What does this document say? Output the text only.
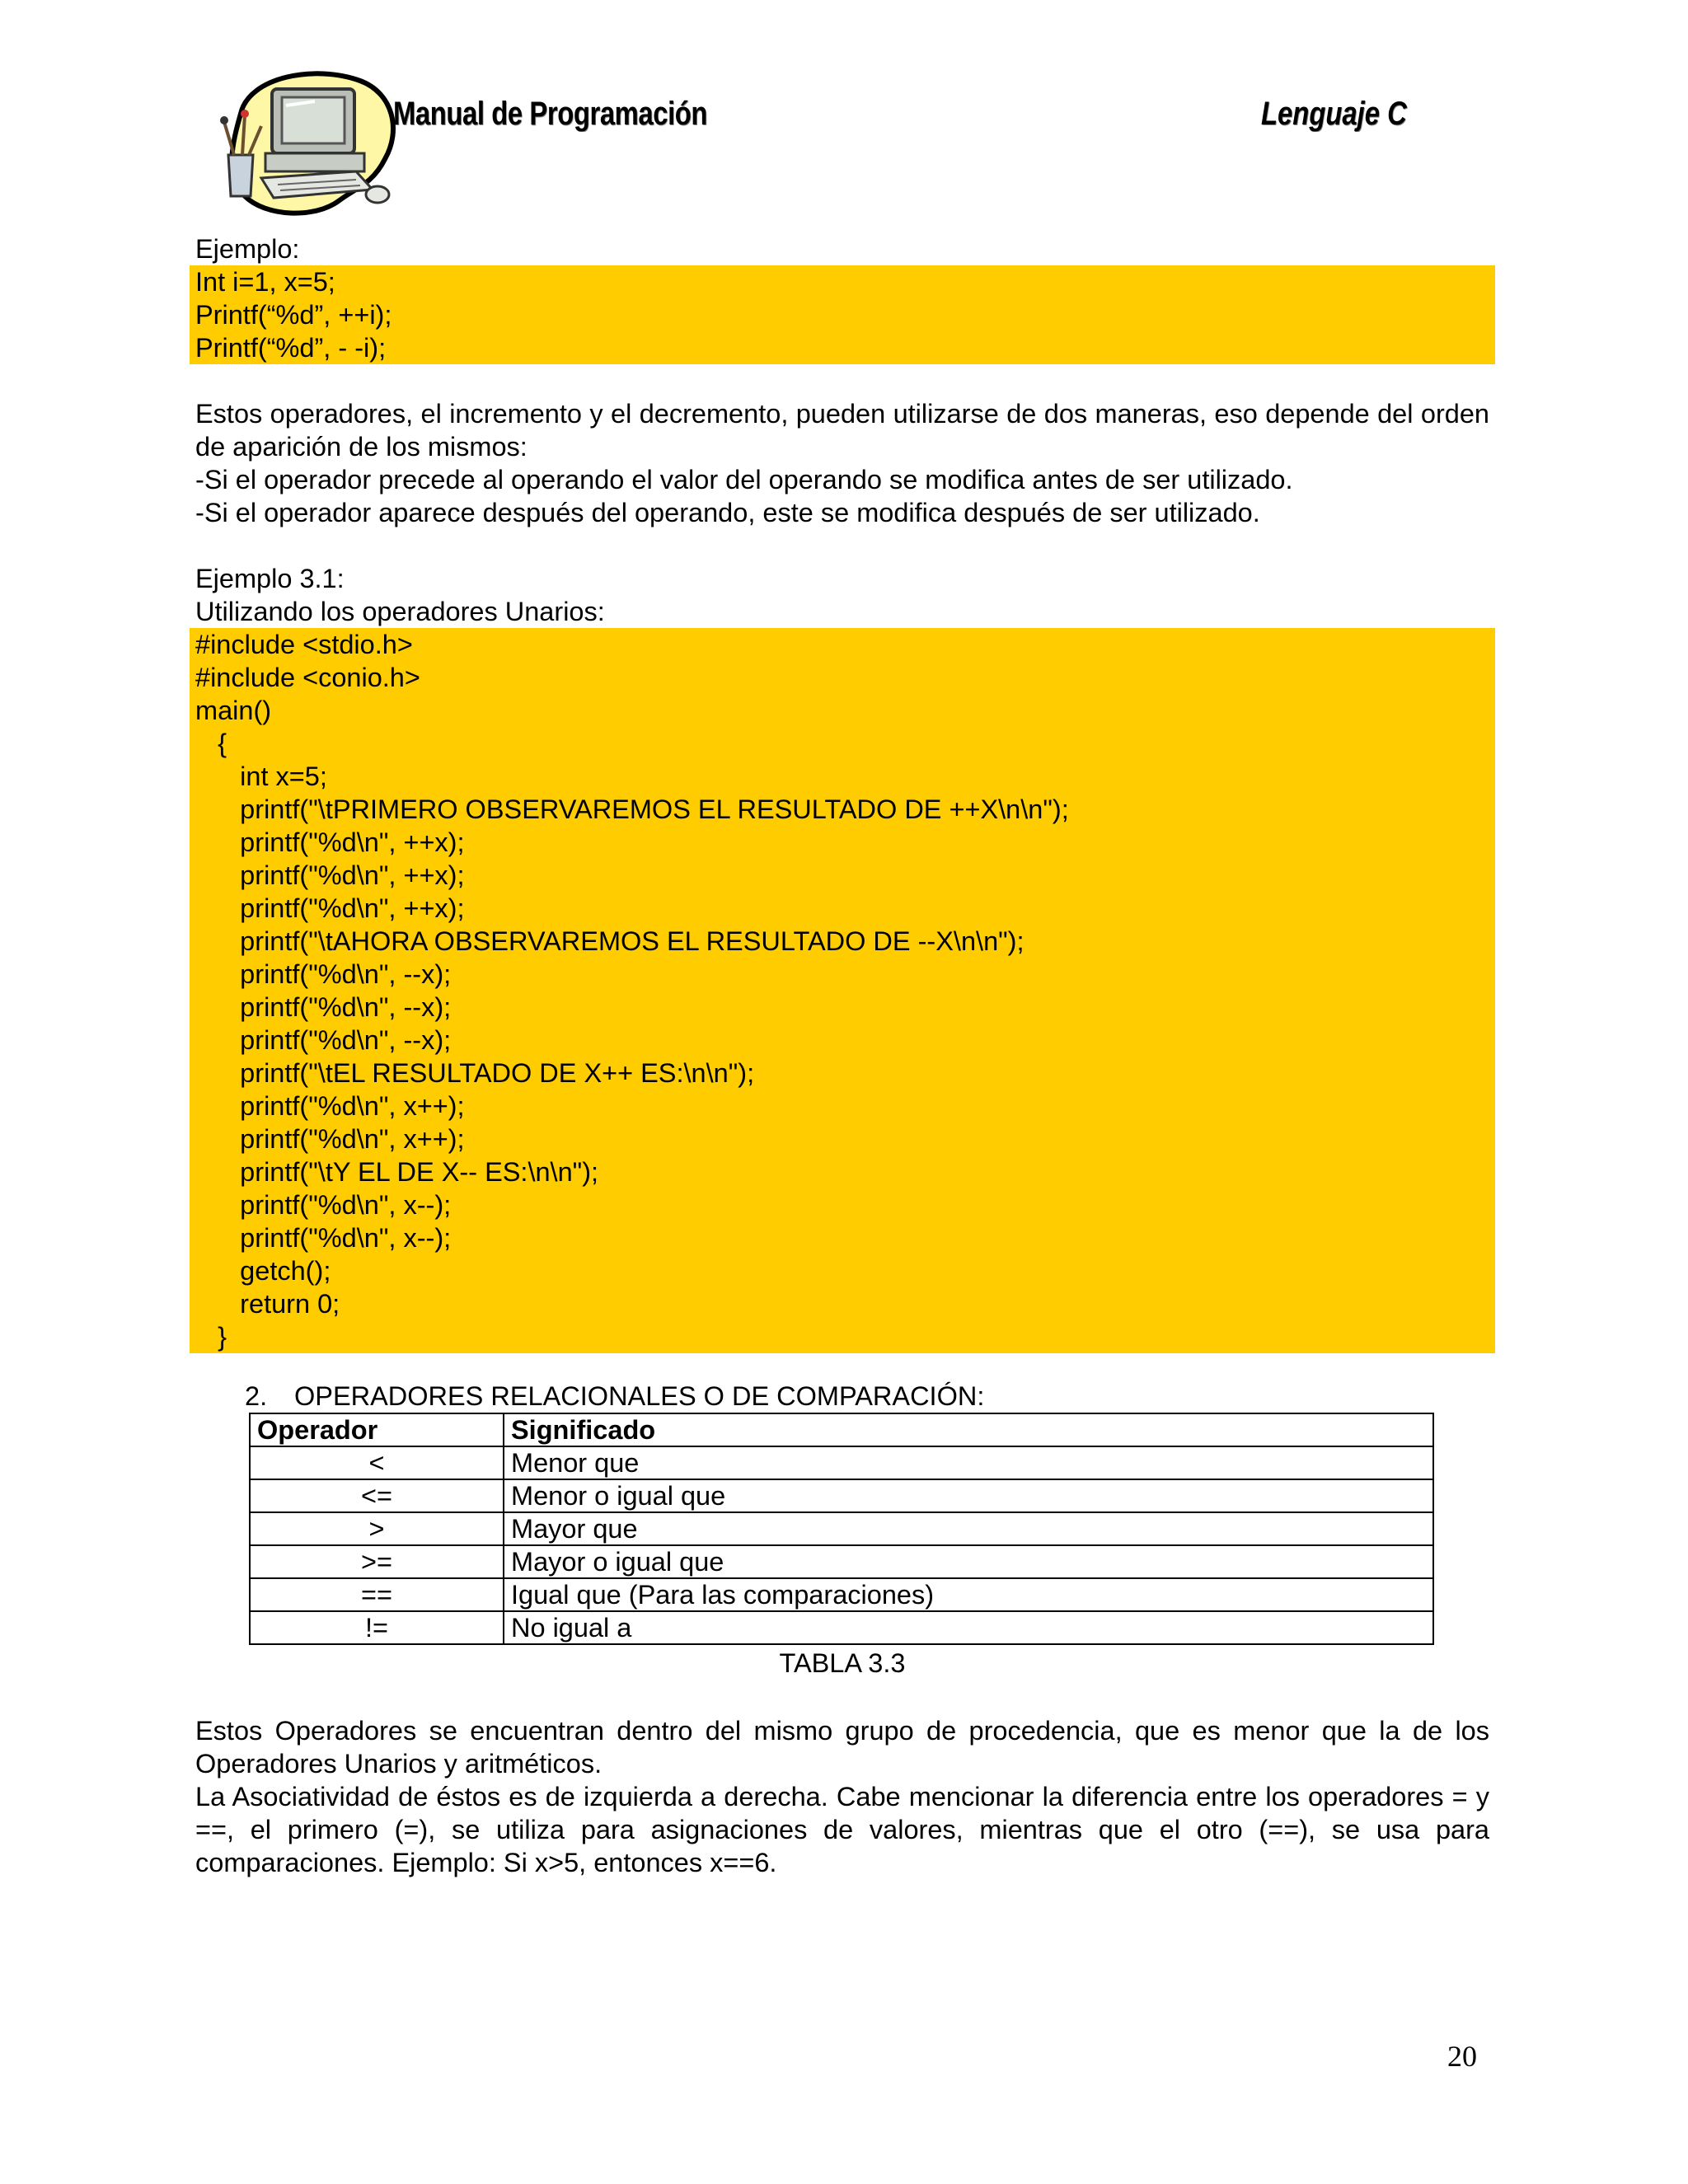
Manual de Programación	Lenguaje C
Ejemplo:
Int i=1, x=5;
Printf(“%d”, ++i);
Printf(“%d”, - -i);
Estos operadores, el incremento y el decremento, pueden utilizarse de dos maneras, eso depende del orden de aparición de los mismos:
-Si el operador precede al operando el valor del operando se modifica antes de ser utilizado.
-Si el operador aparece después del operando, este se modifica después de ser utilizado.
Ejemplo 3.1:
Utilizando los operadores Unarios:
#include <stdio.h>
#include <conio.h>
main()
{
int x=5;
printf("\tPRIMERO OBSERVAREMOS EL RESULTADO DE ++X\n\n");
printf("%d\n", ++x);
printf("%d\n", ++x);
printf("%d\n", ++x);
printf("\tAHORA OBSERVAREMOS EL RESULTADO DE --X\n\n");
printf("%d\n", --x);
printf("%d\n", --x);
printf("%d\n", --x);
printf("\tEL RESULTADO DE X++ ES:\n\n");
printf("%d\n", x++);
printf("%d\n", x++);
printf("\tY EL DE X-- ES:\n\n");
printf("%d\n", x--);
printf("%d\n", x--);
getch();
return 0;
}
2. OPERADORES RELACIONALES O DE COMPARACIÓN:
Operador	Significado
<	Menor que
<=	Menor o igual que
>	Mayor que
>=	Mayor o igual que
==	Igual que (Para las comparaciones)
!=	No igual a
TABLA 3.3
Estos Operadores se encuentran dentro del mismo grupo de procedencia, que es menor que la de los Operadores Unarios y aritméticos.
La Asociatividad de éstos es de izquierda a derecha. Cabe mencionar la diferencia entre los operadores = y ==, el primero (=), se utiliza para asignaciones de valores, mientras que el otro (==), se usa para comparaciones. Ejemplo: Si x>5, entonces x==6.
20
